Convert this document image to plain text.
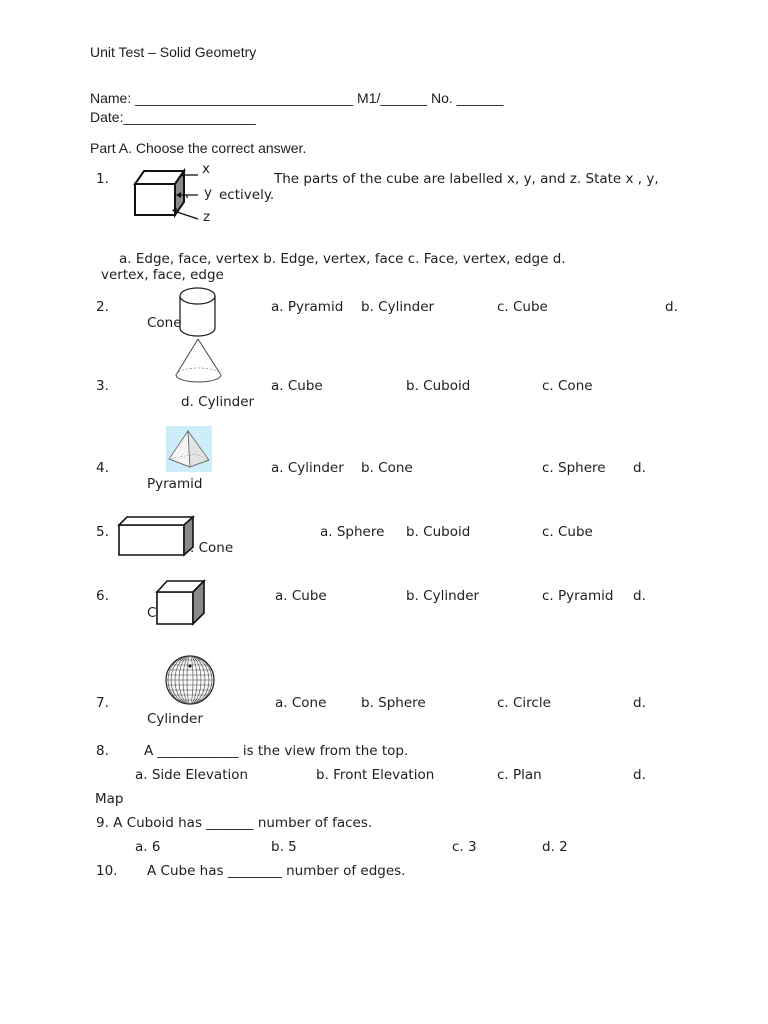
Unit Test – Solid Geometry
Name: ____________________________ M1/______ No. ______
Date:_________________
Part A. Choose the correct answer.
1.
x
y
z
The parts of the cube are labelled x, y, and z. State x , y,
ectively.
a. Edge, face, vertex b. Edge, vertex, face c. Face, vertex, edge d.
vertex, face, edge
2.	a. Pyramid b. Cylinder	c. Cube	d.
Cone
3.	a. Cube	b. Cuboid	c. Cone
d. Cylinder
4.	a. Cylinder b. Cone	c. Sphere d.
Pyramid
5.	a. Sphere b. Cuboid	c. Cube
. Cone
C
6.	a. Cube	b. Cylinder	c. Pyramid d.
7.	a. Cone	b. Sphere	c. Circle	d.
Cylinder
8.	A ____________ is the view from the top.
a. Side Elevation	b. Front Elevation	c. Plan	d.
Map
9. A Cuboid has _______ number of faces.
a. 6	b. 5	c. 3	d. 2
10. A Cube has ________ number of edges.
